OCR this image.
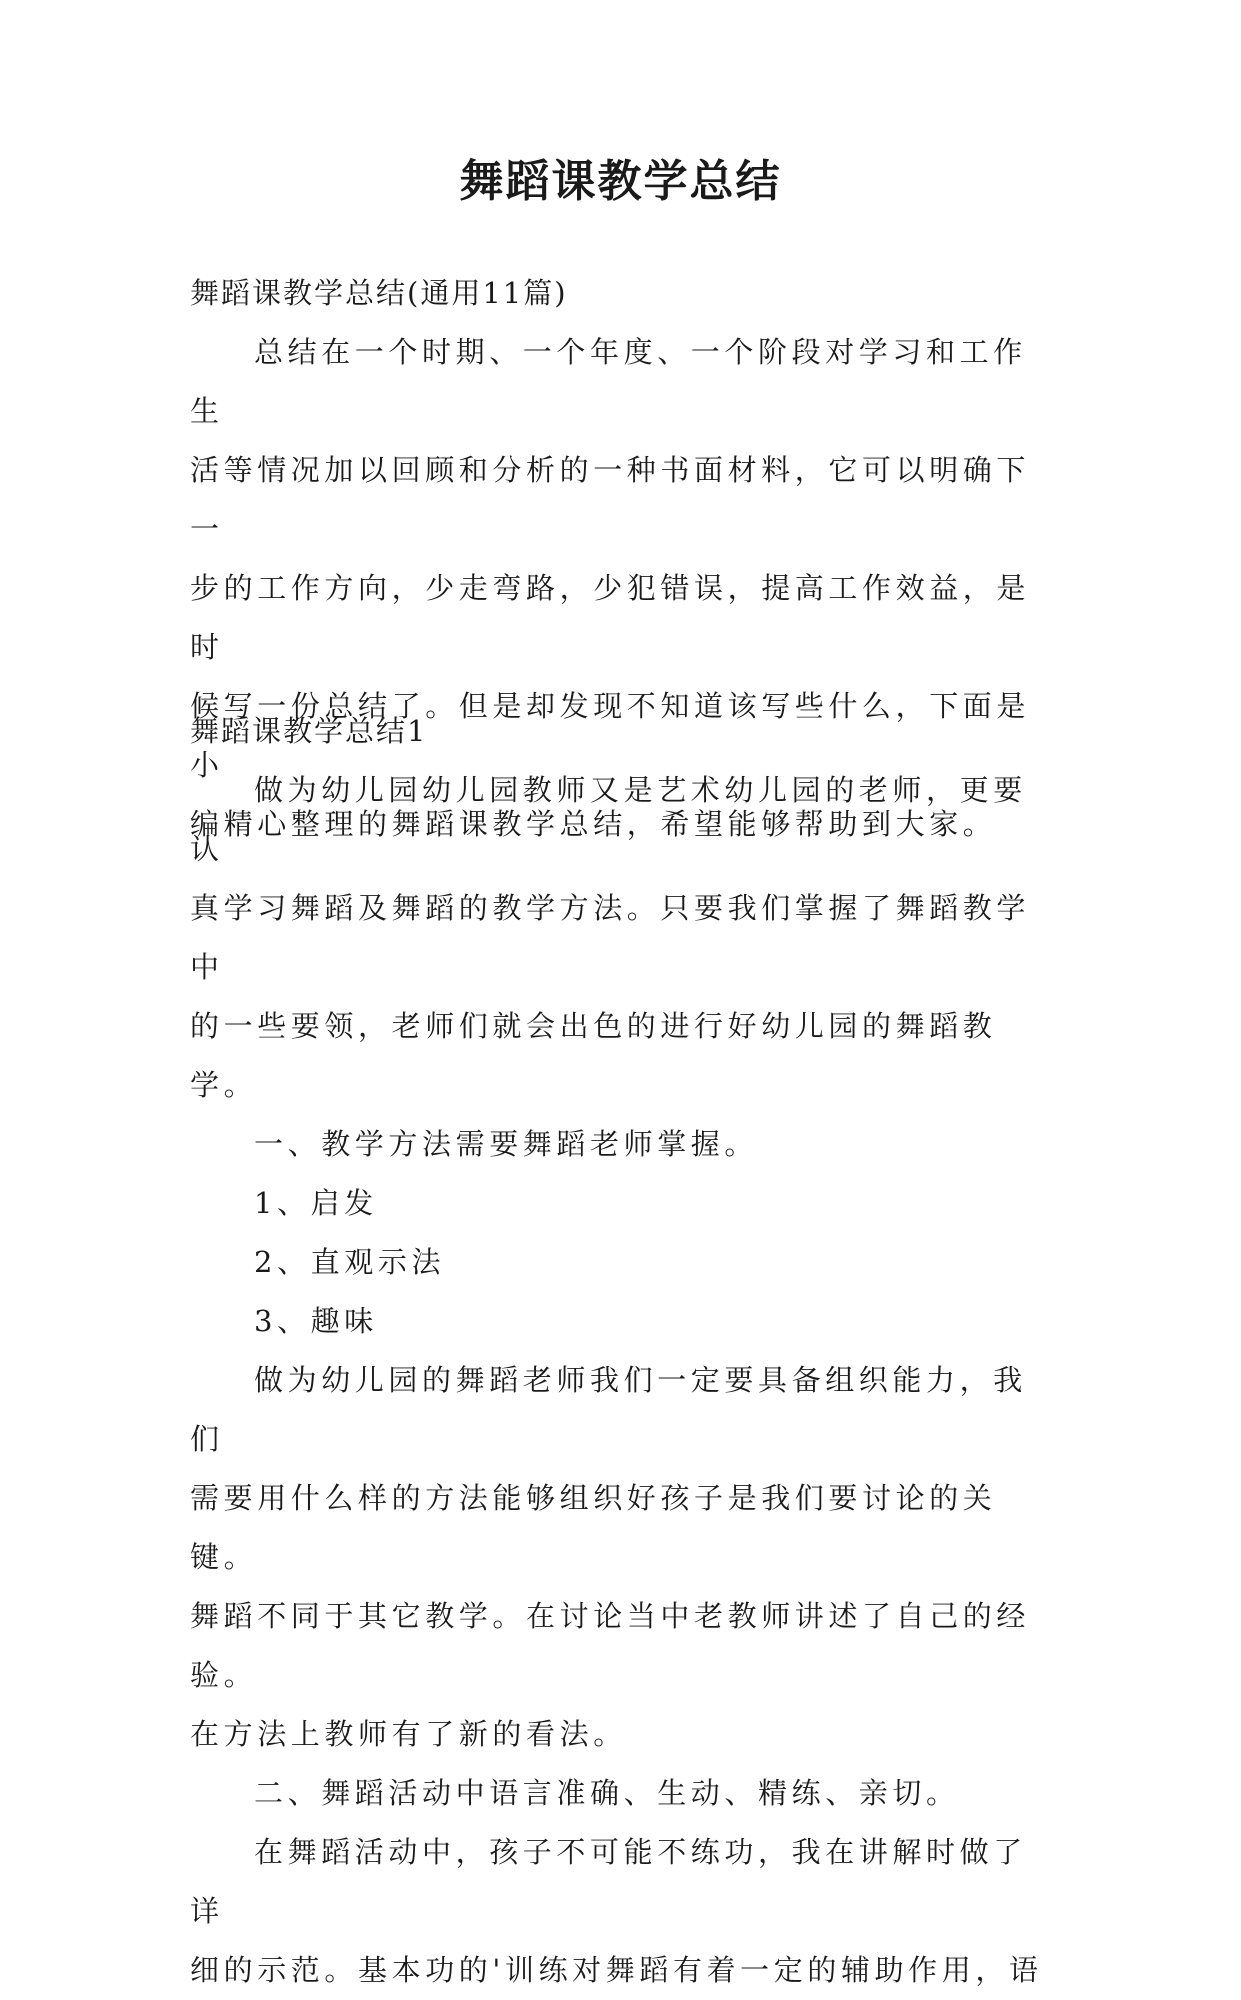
舞蹈课教学总结

舞蹈课教学总结(通用11篇)

总结在一个时期、一个年度、一个阶段对学习和工作生

活等情况加以回顾和分析的一种书面材料，它可以明确下一

步的工作方向，少走弯路，少犯错误，提高工作效益，是时

候写一份总结了。但是却发现不知道该写些什么，下面是小

编精心整理的舞蹈课教学总结，希望能够帮助到大家。

舞蹈课教学总结1

做为幼儿园幼儿园教师又是艺术幼儿园的老师，更要认

真学习舞蹈及舞蹈的教学方法。只要我们掌握了舞蹈教学中

的一些要领，老师们就会出色的进行好幼儿园的舞蹈教学。

一、教学方法需要舞蹈老师掌握。

1、启发

2、直观示法

3、趣味

做为幼儿园的舞蹈老师我们一定要具备组织能力，我们

需要用什么样的方法能够组织好孩子是我们要讨论的关键。

舞蹈不同于其它教学。在讨论当中老教师讲述了自己的经验。

在方法上教师有了新的看法。

二、舞蹈活动中语言准确、生动、精练、亲切。

在舞蹈活动中，孩子不可能不练功，我在讲解时做了详

细的示范。基本功的'训练对舞蹈有着一定的辅助作用，语
